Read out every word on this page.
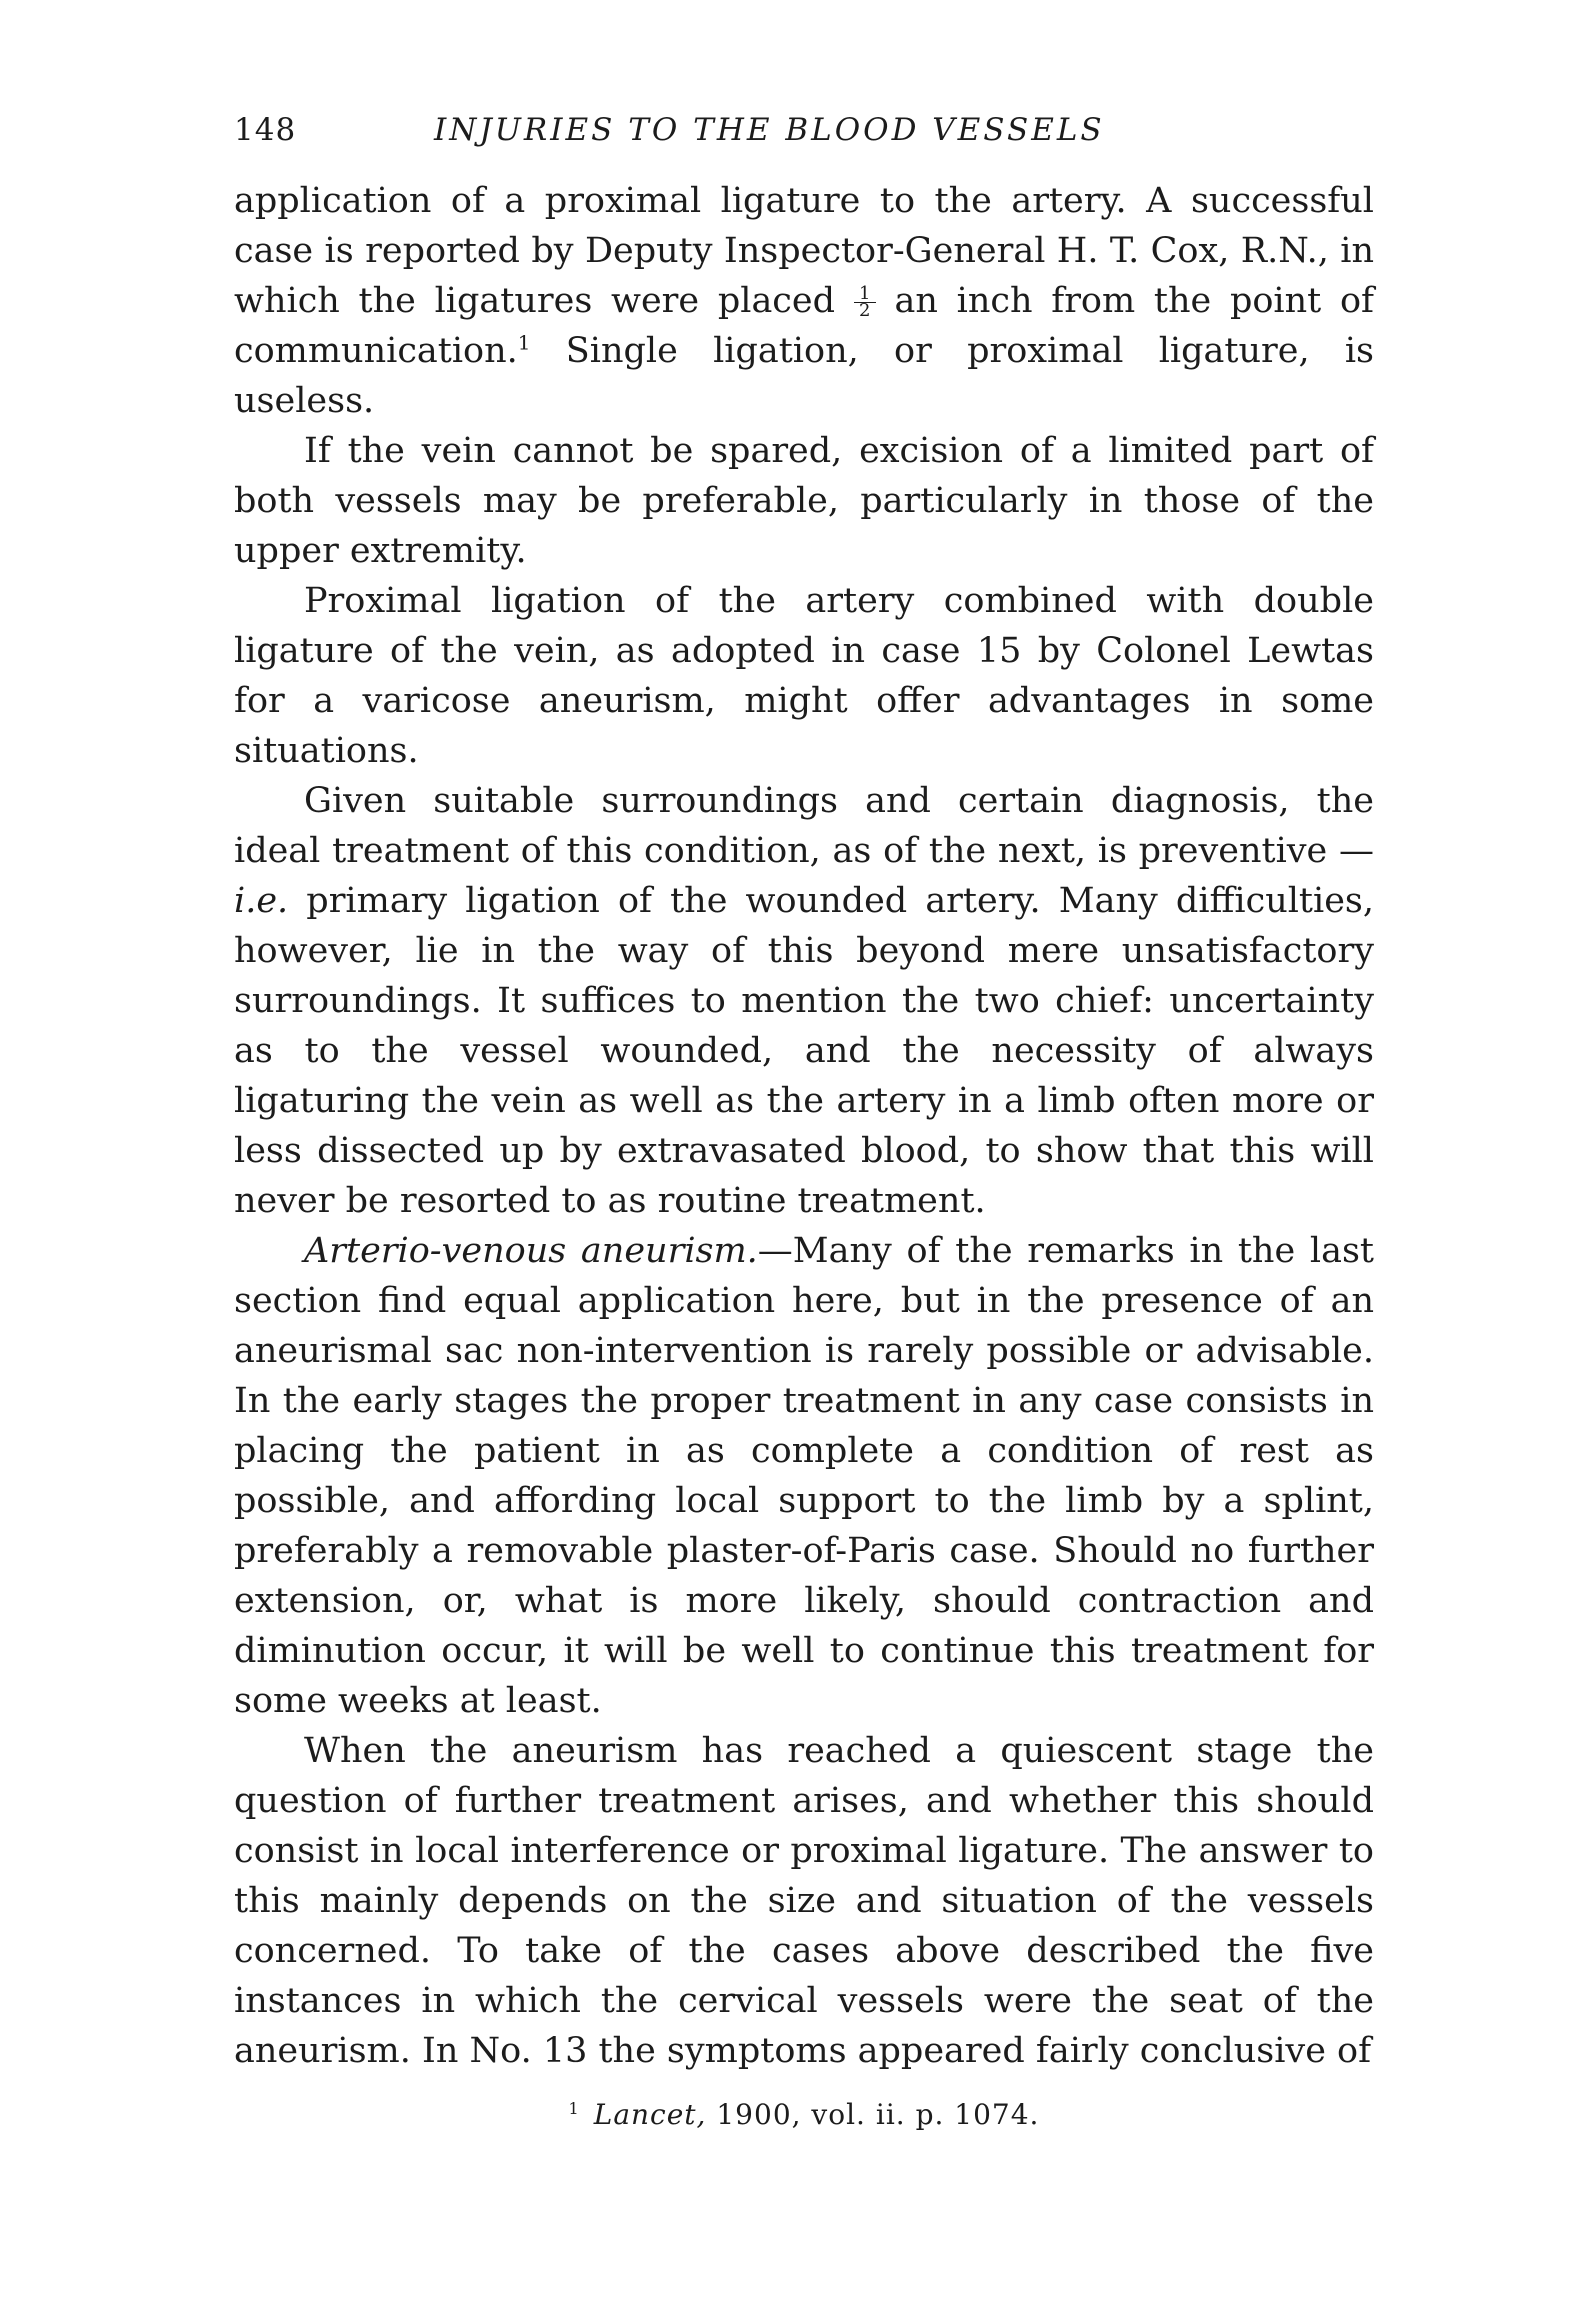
148	INJURIES TO THE BLOOD VESSELS

application of a proximal ligature to the artery. A successful case is reported by Deputy Inspector-General H. T. Cox, R.N., in which the ligatures were placed $\frac{1}{2}$ an inch from the point of communication.$^1$ Single ligation, or proximal ligature, is useless.

If the vein cannot be spared, excision of a limited part of both vessels may be preferable, particularly in those of the upper extremity.

Proximal ligation of the artery combined with double ligature of the vein, as adopted in case 15 by Colonel Lewtas for a varicose aneurism, might offer advantages in some situations.

Given suitable surroundings and certain diagnosis, the ideal treatment of this condition, as of the next, is preventive —i.e. primary ligation of the wounded artery. Many difficulties, however, lie in the way of this beyond mere unsatisfactory surroundings. It suffices to mention the two chief: uncertainty as to the vessel wounded, and the necessity of always ligaturing the vein as well as the artery in a limb often more or less dissected up by extravasated blood, to show that this will never be resorted to as routine treatment.

Arterio-venous aneurism.—Many of the remarks in the last section find equal application here, but in the presence of an aneurismal sac non-intervention is rarely possible or advisable. In the early stages the proper treatment in any case consists in placing the patient in as complete a condition of rest as possible, and affording local support to the limb by a splint, preferably a removable plaster-of-Paris case. Should no further extension, or, what is more likely, should contraction and diminution occur, it will be well to continue this treatment for some weeks at least.

When the aneurism has reached a quiescent stage the question of further treatment arises, and whether this should consist in local interference or proximal ligature. The answer to this mainly depends on the size and situation of the vessels concerned. To take of the cases above described the five instances in which the cervical vessels were the seat of the aneurism. In No. 13 the symptoms appeared fairly conclusive of

$^1$ Lancet, 1900, vol. ii. p. 1074.
